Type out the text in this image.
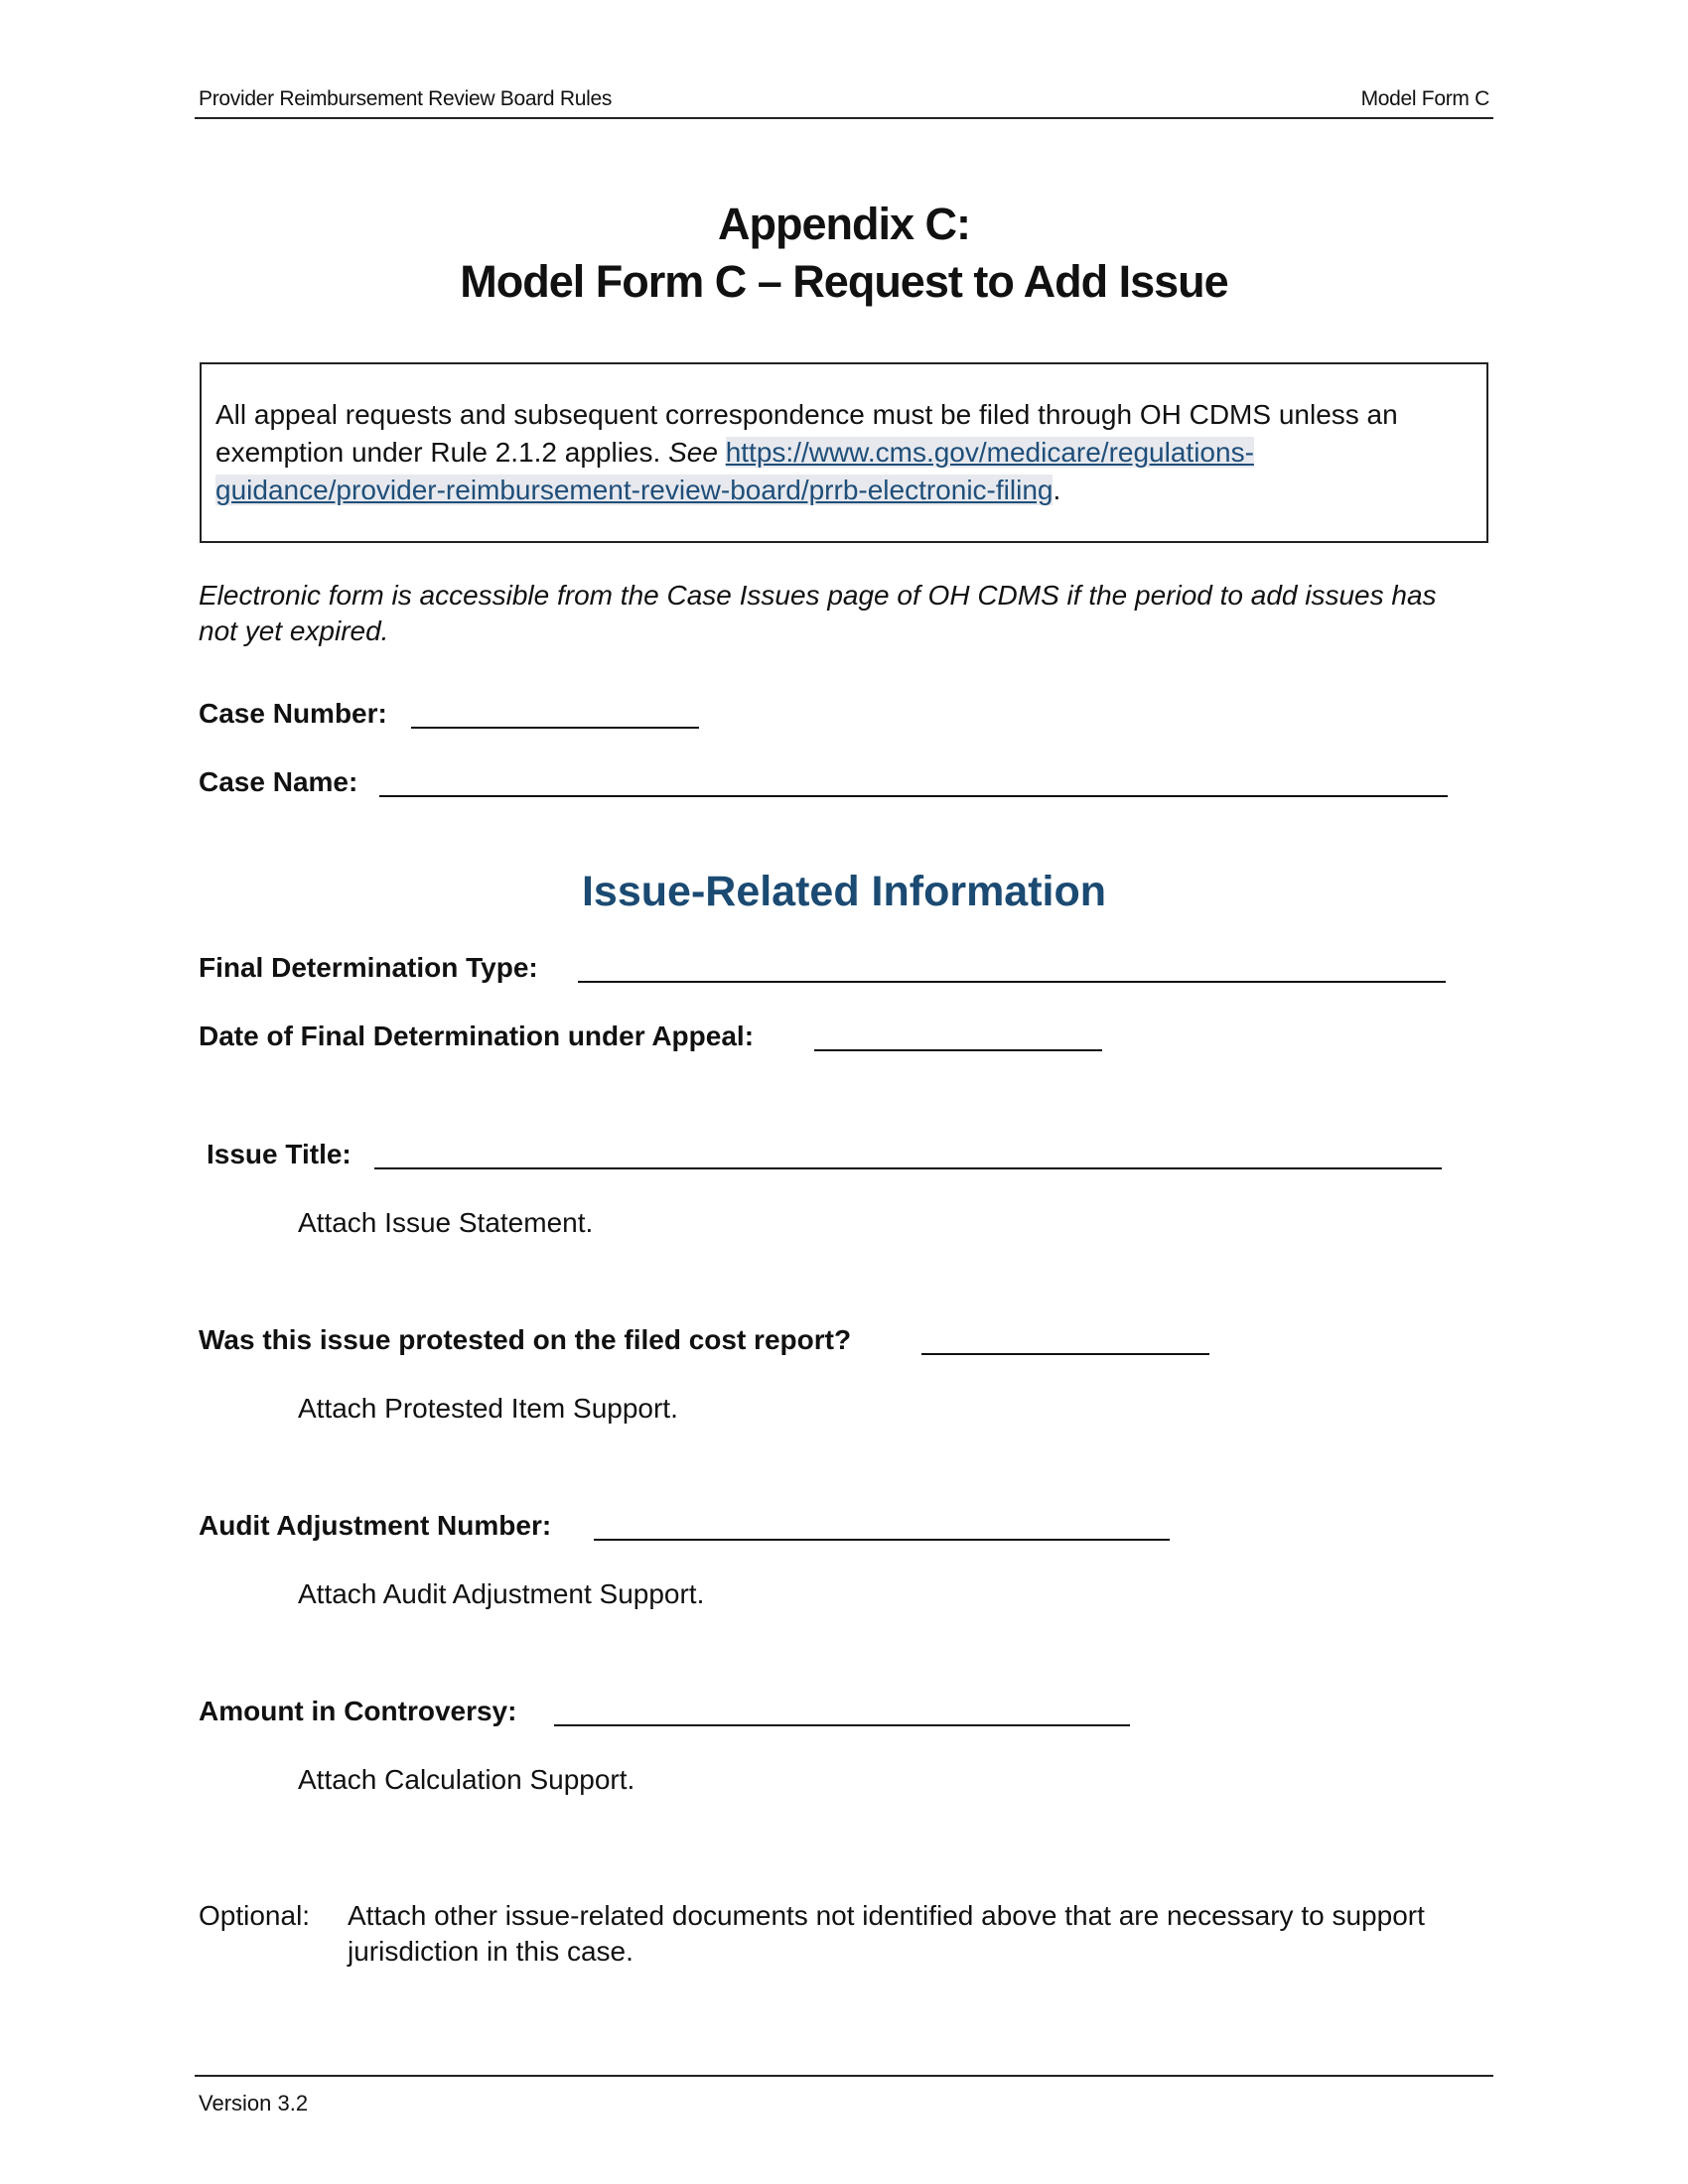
Provider Reimbursement Review Board Rules	Model Form C
Appendix C:
Model Form C – Request to Add Issue
All appeal requests and subsequent correspondence must be filed through OH CDMS unless an exemption under Rule 2.1.2 applies. See https://www.cms.gov/medicare/regulations-guidance/provider-reimbursement-review-board/prrb-electronic-filing.
Electronic form is accessible from the Case Issues page of OH CDMS if the period to add issues has not yet expired.
Case Number:
Case Name:
Issue-Related Information
Final Determination Type:
Date of Final Determination under Appeal:
Issue Title:
Attach Issue Statement.
Was this issue protested on the filed cost report?
Attach Protested Item Support.
Audit Adjustment Number:
Attach Audit Adjustment Support.
Amount in Controversy:
Attach Calculation Support.
Optional: Attach other issue-related documents not identified above that are necessary to support jurisdiction in this case.
Version 3.2
